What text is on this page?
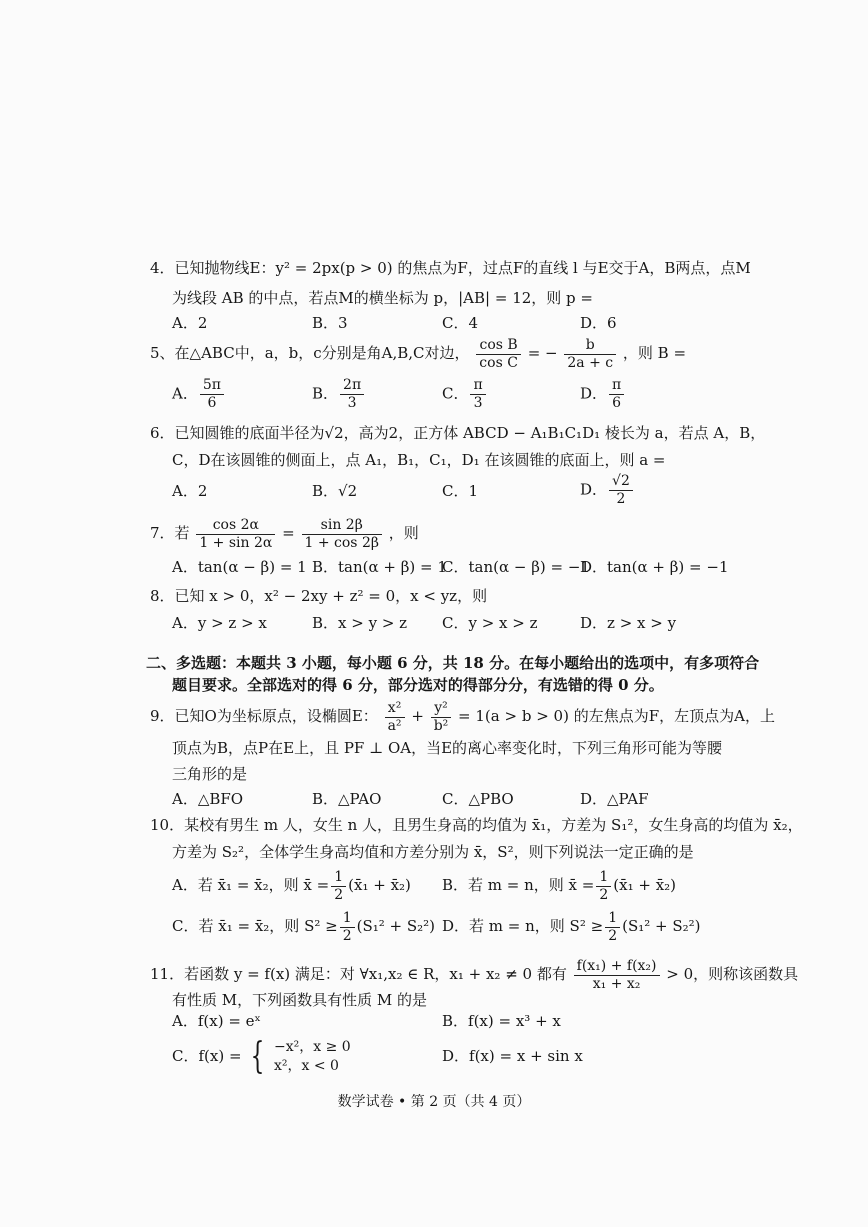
4．已知抛物线E：y² = 2px(p > 0) 的焦点为F，过点F的直线 l 与E交于A，B两点，点M
为线段 AB 的中点，若点M的横坐标为 p，|AB| = 12，则 p =
A．2	B．3	C．4	D．6
5、在△ABC中，a，b，c分别是角A,B,C对边， $\frac{\text{cos B}}{\text{cos C}}$ = − $\frac{b}{2a + c}$ ，则 B =
A． $\frac{5\pi}{6}$	B． $\frac{2\pi}{3}$	C． $\frac{\pi}{3}$	D． $\frac{\pi}{6}$
6．已知圆锥的底面半径为√2，高为2，正方体 ABCD − A₁B₁C₁D₁ 棱长为 a，若点 A，B，
C，D在该圆锥的侧面上，点 A₁，B₁，C₁，D₁ 在该圆锥的底面上，则 a =
A．2	B．√2	C．1	D． $\frac{√2}{2}$
7．若 $\frac{\cos 2\alpha}{1 + \sin 2\alpha} = \frac{\sin 2\beta}{1 + \cos 2\beta}$ ，则
A．tan(α − β) = 1 B．tan(α + β) = 1
C．tan(α − β) = −1
D．tan(α + β) = −1
8．已知 x > 0，x² − 2xy + z² = 0，x < yz，则
A．y > z > x	B．x > y > z C．y > x > z	D．z > x > y
二、多选题：本题共 3 小题，每小题 6 分，共 18 分。在每小题给出的选项中，有多项符合
题目要求。全部选对的得 6 分，部分选对的得部分分，有选错的得 0 分。
9．已知O为坐标原点，设椭圆E： $\frac{\text{x²}}{\text{a²}} + \frac{\text{y²}}{\text{b²}} = 1(a > b > 0)$ 的左焦点为F，左顶点为A，上
顶点为B，点P在E上，且 PF ⊥ OA，当E的离心率变化时，下列三角形可能为等腰
三角形的是
A．△BFO	B．△PAO	C．△PBO	D．△PAF
10．某校有男生 m 人，女生 n 人，且男生身高的均值为 x̄₁，方差为 S₁²，女生身高的均值为 x̄₂，
方差为 S₂²，全体学生身高均值和方差分别为 x̄，S²，则下列说法一定正确的是
A．若 x̄₁ = x̄₂，则 x̄ = $\frac{1}{2}$ (x̄₁ + x̄₂) B．若 m = n，则 x̄ = $\frac{1}{2}$ (x̄₁ + x̄₂)
C．若 x̄₁ = x̄₂，则 $S^2 \ge \frac{1}{2} (S_1^2 + S_2^2)$ D．若 m = n，则 $S^2 \ge \frac{1}{2} (S_1^2 + S_2^2)$
11．若函数 y = f(x) 满足：对 ∀x₁,x₂ ∈ R，x₁ + x₂ ≠ 0 都有 $\frac{\text{f(x₁) + f(x₂)}}{\text{x₁ + x₂}} > 0$，则称该函数具
有性质 M，下列函数具有性质 M 的是
A．f(x) = eˣ	B．f(x) = x³ + x
C．f(x) = { −x²，x ≥ 0
x²，x < 0
D．f(x) = x + sin x
数学试卷 • 第 2 页（共 4 页）
